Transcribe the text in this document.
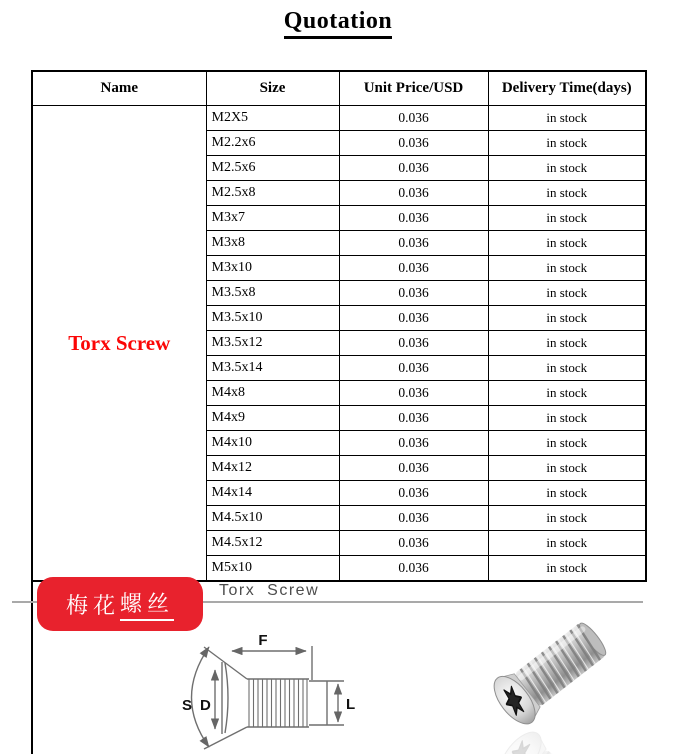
Quotation
Name	Size	Unit Price/USD	Delivery Time(days)
Torx Screw	M2X5	0.036	in stock
	M2.2x6	0.036	in stock
	M2.5x6	0.036	in stock
	M2.5x8	0.036	in stock
	M3x7	0.036	in stock
	M3x8	0.036	in stock
	M3x10	0.036	in stock
	M3.5x8	0.036	in stock
	M3.5x10	0.036	in stock
	M3.5x12	0.036	in stock
	M3.5x14	0.036	in stock
	M4x8	0.036	in stock
	M4x9	0.036	in stock
	M4x10	0.036	in stock
	M4x12	0.036	in stock
	M4x14	0.036	in stock
	M4.5x10	0.036	in stock
	M4.5x12	0.036	in stock
	M5x10	0.036	in stock
梅花 螺丝
Torx Screw
F
S D	L
